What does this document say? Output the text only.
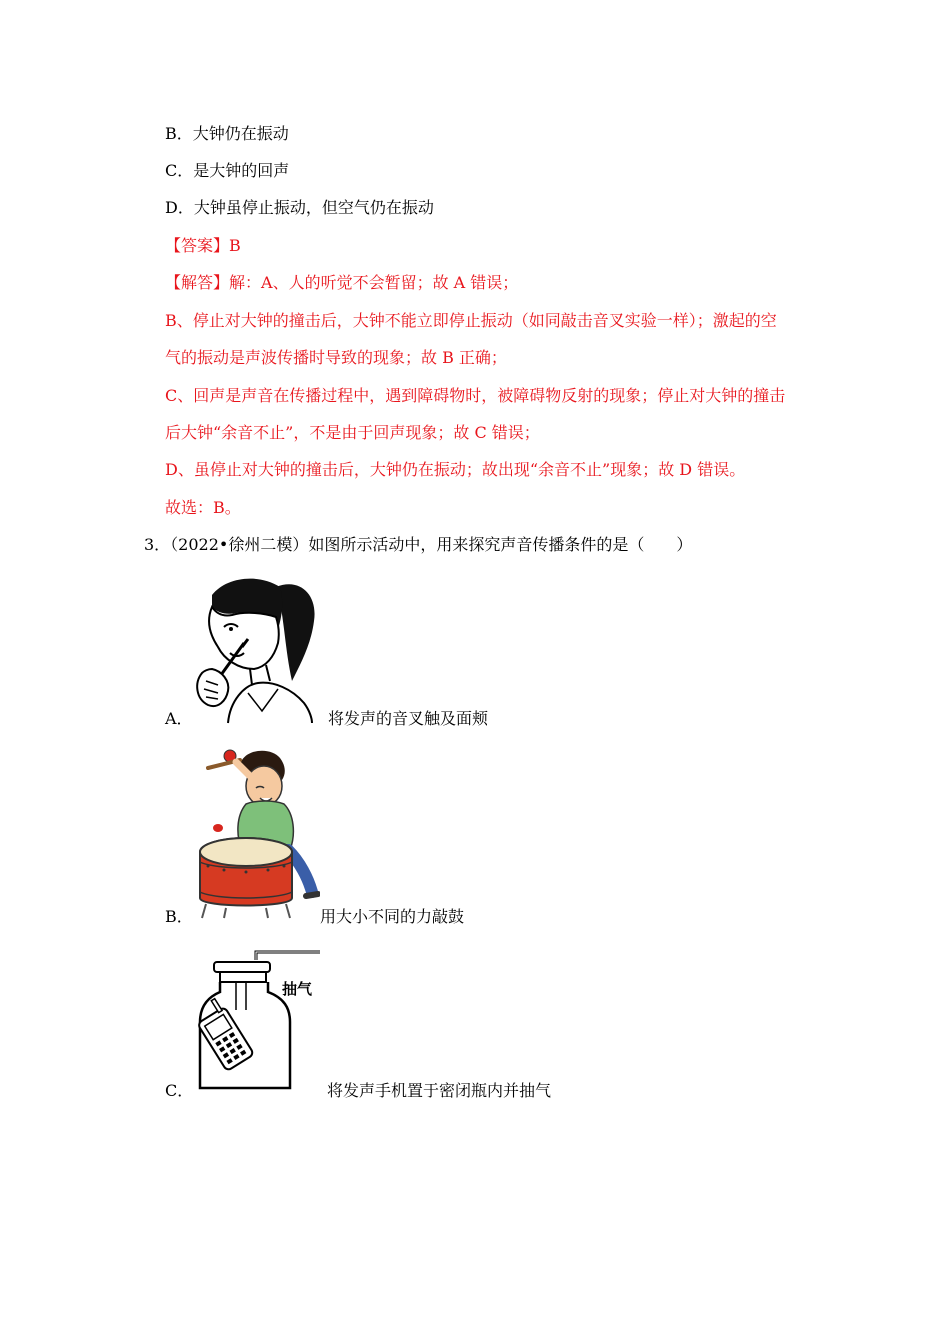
B．大钟仍在振动
C．是大钟的回声
D．大钟虽停止振动，但空气仍在振动
【答案】B
【解答】解：A、人的听觉不会暂留；故 A 错误；
B、停止对大钟的撞击后，大钟不能立即停止振动（如同敲击音叉实验一样）；激起的空
气的振动是声波传播时导致的现象；故 B 正确；
C、回声是声音在传播过程中，遇到障碍物时，被障碍物反射的现象；停止对大钟的撞击
后大钟“余音不止”，不是由于回声现象；故 C 错误；
D、虽停止对大钟的撞击后，大钟仍在振动；故出现“余音不止”现象；故 D 错误。
故选：B。
3．（2022•徐州二模）如图所示活动中，用来探究声音传播条件的是（　　）
A．	将发声的音叉触及面颊
B．	用大小不同的力敲鼓
抽气
C．	将发声手机置于密闭瓶内并抽气
